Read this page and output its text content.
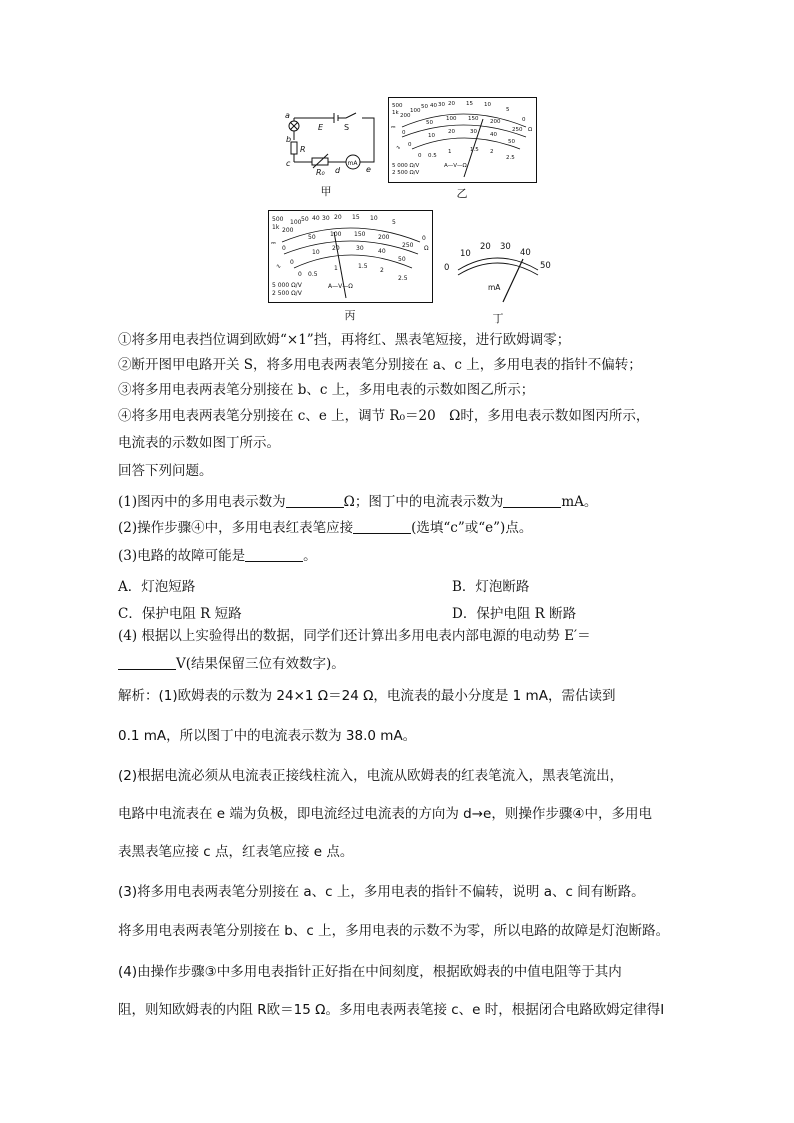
a
E	S
b
R
c
R₀ d
mA
e
甲
500
1k 200
100
50 40 30 20 15 10
5
0
0
50
100 150 200
250
0
10
20	30 40
50
0 0.5
1	1.5 2
2.5
⎓
∿
Ω
5 000 Ω/V
2 500 Ω/V
A—V—Ω
乙
500
1k 200
100 50 40 30 20 15 10
5
0
0
50 100 150 200
250
0
10
20	30 40
50
0 0.5
1	1.5
2
2.5
⎓
∿
Ω
5 000 Ω/V
2 500 Ω/V
A—V—Ω
丙
0
10
20 30
40
50
mA
丁
①将多用电表挡位调到欧姆“×1”挡，再将红、黑表笔短接，进行欧姆调零；
②断开图甲电路开关 S，将多用电表两表笔分别接在 a、c 上，多用电表的指针不偏转；
③将多用电表两表笔分别接在 b、c 上，多用电表的示数如图乙所示；
④将多用电表两表笔分别接在 c、e 上，调节 R₀＝20　Ω时，多用电表示数如图丙所示，
电流表的示数如图丁所示。
回答下列问题。
(1)图丙中的多用电表示数为	Ω；图丁中的电流表示数为	mA。
(2)操作步骤④中，多用电表红表笔应接	(选填“c”或“e”)点。
(3)电路的故障可能是	。
A．灯泡短路	B．灯泡断路
C．保护电阻 R 短路	D．保护电阻 R 断路
(4) 根据以上实验得出的数据，同学们还计算出多用电表内部电源的电动势 E′＝
V(结果保留三位有效数字)。
解析：(1)欧姆表的示数为 24×1 Ω＝24 Ω，电流表的最小分度是 1 mA，需估读到
0.1 mA，所以图丁中的电流表示数为 38.0 mA。
(2)根据电流必须从电流表正接线柱流入，电流从欧姆表的红表笔流入，黑表笔流出，
电路中电流表在 e 端为负极，即电流经过电流表的方向为 d→e，则操作步骤④中，多用电
表黑表笔应接 c 点，红表笔应接 e 点。
(3)将多用电表两表笔分别接在 a、c 上，多用电表的指针不偏转，说明 a、c 间有断路。
将多用电表两表笔分别接在 b、c 上，多用电表的示数不为零，所以电路的故障是灯泡断路。
(4)由操作步骤③中多用电表指针正好指在中间刻度，根据欧姆表的中值电阻等于其内
阻，则知欧姆表的内阻 R欧＝15 Ω。多用电表两表笔接 c、e 时，根据闭合电路欧姆定律得I
